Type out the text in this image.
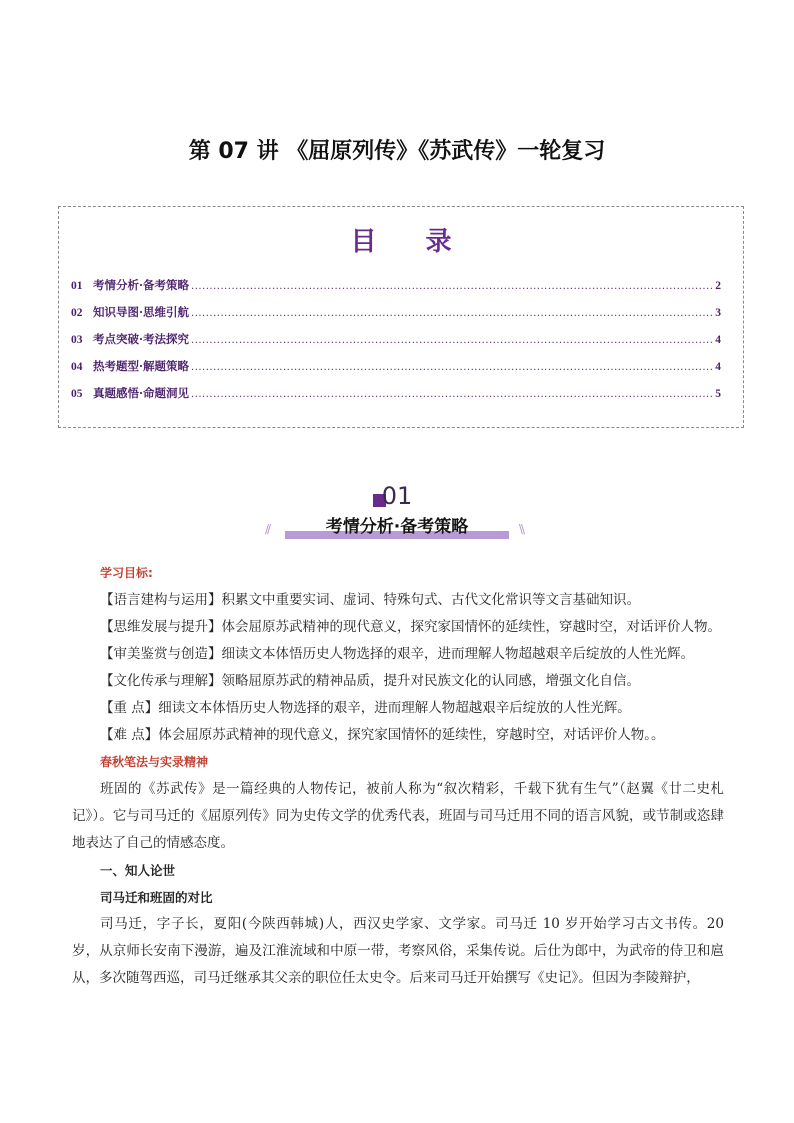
第 07 讲 《屈原列传》《苏武传》一轮复习
目 录
01 考情分析·备考策略 .....	2
02 知识导图·思维引航 .....	3
03 考点突破·考法探究 .....	4
04 热考题型·解题策略 .....	4
05 真题感悟·命题洞见 .....	5
01
//	考情分析·备考策略	\\
学习目标:

【语言建构与运用】积累文中重要实词、虚词、特殊句式、古代文化常识等文言基础知识。

【思维发展与提升】体会屈原苏武精神的现代意义，探究家国情怀的延续性，穿越时空，对话评价人物。

【审美鉴赏与创造】细读文本体悟历史人物选择的艰辛，进而理解人物超越艰辛后绽放的人性光辉。

【文化传承与理解】领略屈原苏武的精神品质，提升对民族文化的认同感，增强文化自信。

【重 点】细读文本体悟历史人物选择的艰辛，进而理解人物超越艰辛后绽放的人性光辉。

【难 点】体会屈原苏武精神的现代意义，探究家国情怀的延续性，穿越时空，对话评价人物。。

春秋笔法与实录精神

班固的《苏武传》是一篇经典的人物传记，被前人称为“叙次精彩，千载下犹有生气”（赵翼《廿二史札记》）。它与司马迁的《屈原列传》同为史传文学的优秀代表，班固与司马迁用不同的语言风貌，或节制或恣肆地表达了自己的情感态度。

一、知人论世
司马迁和班固的对比

司马迁，字子长，夏阳(今陕西韩城)人，西汉史学家、文学家。司马迁 10 岁开始学习古文书传。20 岁，从京师长安南下漫游，遍及江淮流域和中原一带，考察风俗，采集传说。后仕为郎中，为武帝的侍卫和扈从，多次随驾西巡，司马迁继承其父亲的职位任太史令。后来司马迁开始撰写《史记》。但因为李陵辩护，
